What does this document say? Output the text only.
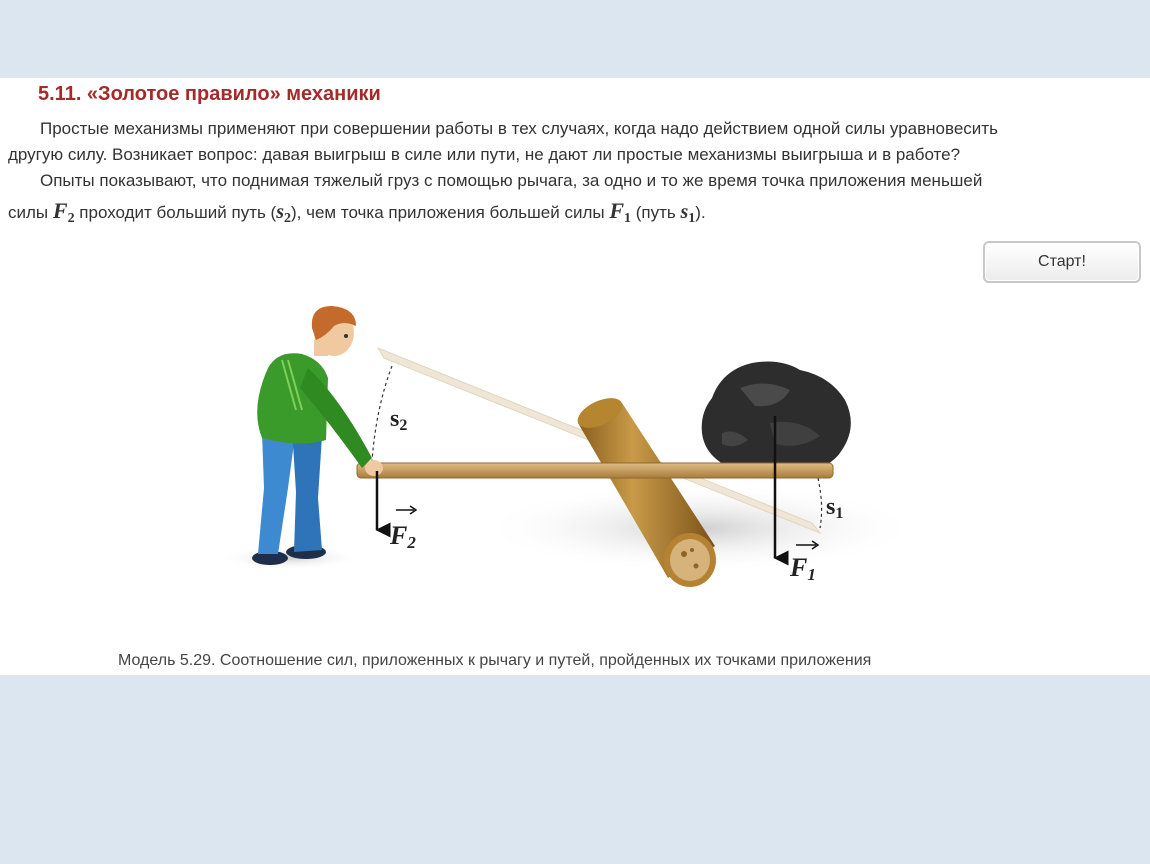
5.11. «Золотое правило» механики
Простые механизмы применяют при совершении работы в тех случаях, когда надо действием одной силы уравновесить
другую силу. Возникает вопрос: давая выигрыш в силе или пути, не дают ли простые механизмы выигрыша и в работе?
Опыты показывают, что поднимая тяжелый груз с помощью рычага, за одно и то же время точка приложения меньшей
силы $F_2$ проходит больший путь $(s_2)$, чем точка приложения большей силы $F_1$ (путь $s_1$).
Старт!
s2
s1
F2
F1
Модель 5.29. Соотношение сил, приложенных к рычагу и путей, пройденных их точками приложения
